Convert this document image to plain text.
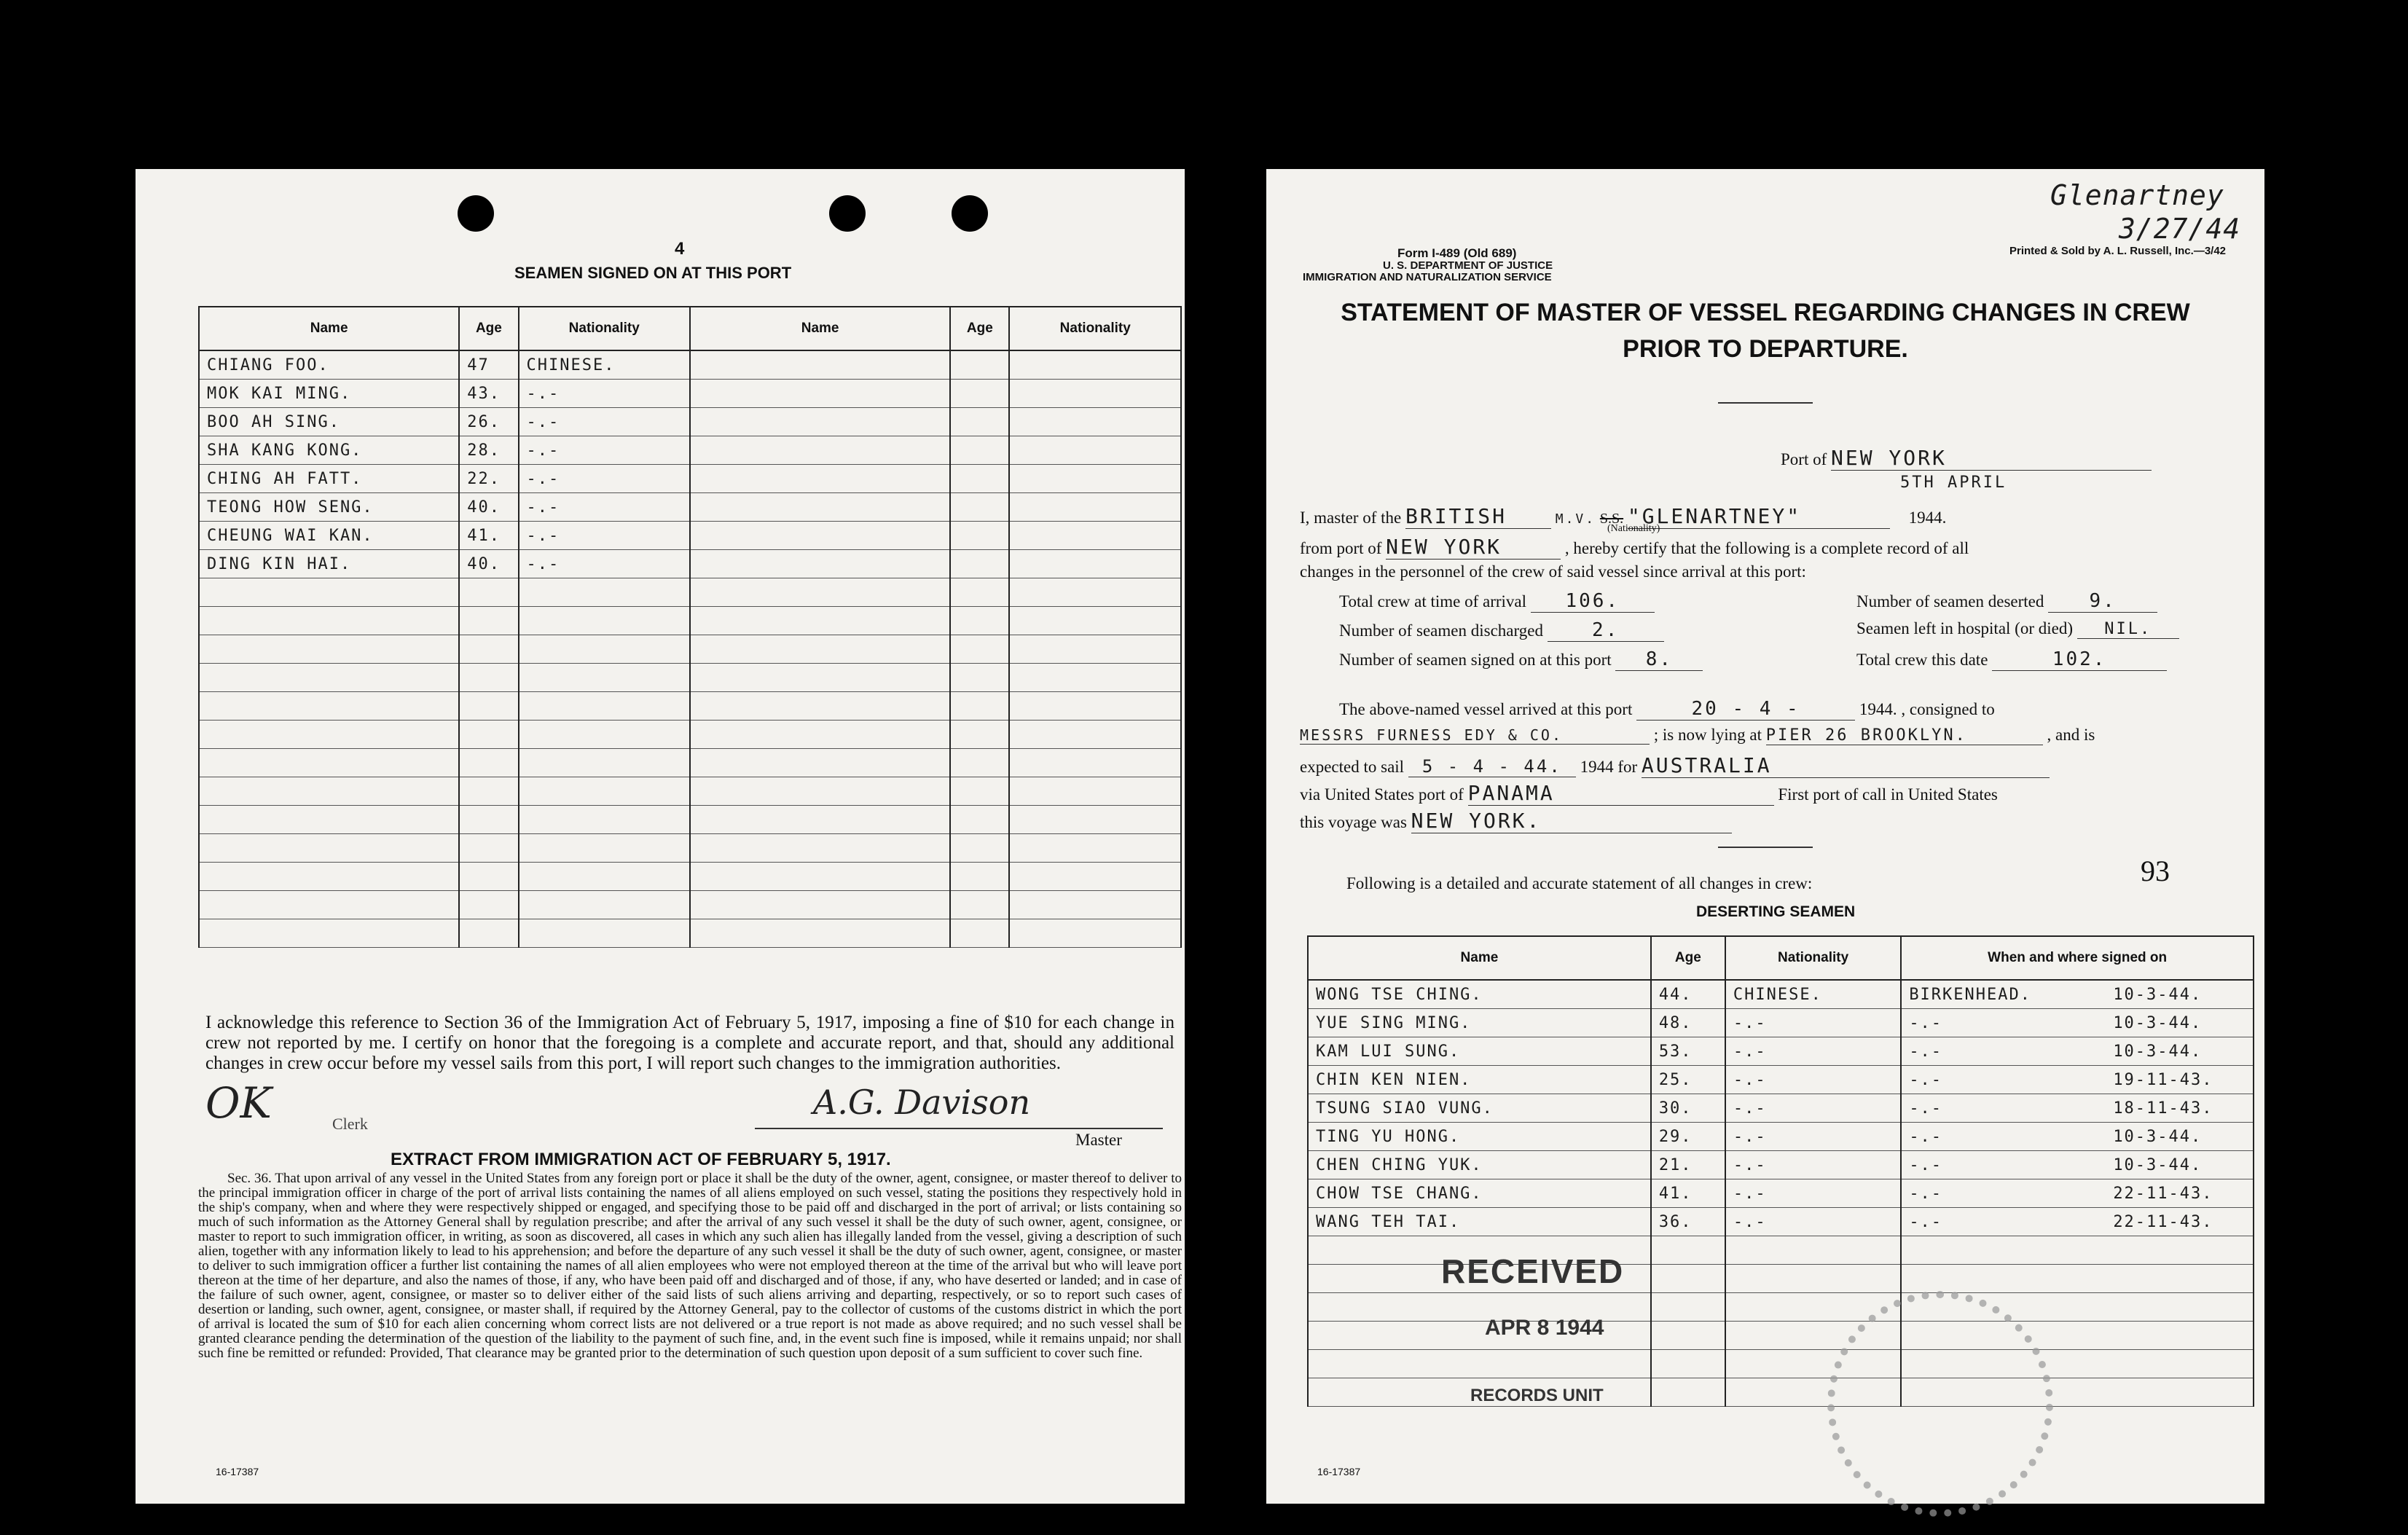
4
SEAMEN SIGNED ON AT THIS PORT
Name	Age	Nationality	Name	Age	Nationality
CHIANG FOO.	47	CHINESE.			
MOK KAI MING.	43.	-.-			
BOO AH SING.	26.	-.-			
SHA KANG KONG.	28.	-.-			
CHING AH FATT.	22.	-.-			
TEONG HOW SENG.	40.	-.-			
CHEUNG WAI KAN.	41.	-.-			
DING KIN HAI.	40.	-.-			

I acknowledge this reference to Section 36 of the Immigration Act of February 5, 1917, imposing a fine of $10 for each change in crew not reported by me. I certify on honor that the foregoing is a complete and accurate report, and that, should any additional changes in crew occur before my vessel sails from this port, I will report such changes to the immigration authorities.
OK	Clerk
A.G. Davison
Master
EXTRACT FROM IMMIGRATION ACT OF FEBRUARY 5, 1917.
Sec. 36. That upon arrival of any vessel in the United States from any foreign port or place it shall be the duty of the owner, agent, consignee, or master thereof to deliver to the principal immigration officer in charge of the port of arrival lists containing the names of all aliens employed on such vessel, stating the positions they respectively hold in the ship's company, when and where they were respectively shipped or engaged, and specifying those to be paid off and discharged in the port of arrival; or lists containing so much of such information as the Attorney General shall by regulation prescribe; and after the arrival of any such vessel it shall be the duty of such owner, agent, consignee, or master to report to such immigration officer, in writing, as soon as discovered, all cases in which any such alien has illegally landed from the vessel, giving a description of such alien, together with any information likely to lead to his apprehension; and before the departure of any such vessel it shall be the duty of such owner, agent, consignee, or master to deliver to such immigration officer a further list containing the names of all alien employees who were not employed thereon at the time of the arrival but who will leave port thereon at the time of her departure, and also the names of those, if any, who have been paid off and discharged and of those, if any, who have deserted or landed; and in case of the failure of such owner, agent, consignee, or master so to deliver either of the said lists of such aliens arriving and departing, respectively, or so to report such cases of desertion or landing, such owner, agent, consignee, or master shall, if required by the Attorney General, pay to the collector of customs of the customs district in which the port of arrival is located the sum of $10 for each alien concerning whom correct lists are not delivered or a true report is not made as above required; and no such vessel shall be granted clearance pending the determination of the question of the liability to the payment of such fine, and, in the event such fine is imposed, while it remains unpaid; nor shall such fine be remitted or refunded: Provided, That clearance may be granted prior to the determination of such question upon deposit of a sum sufficient to cover such fine.
16-17387
Glenartney
3/27/44
Form I-489 (Old 689)
U. S. DEPARTMENT OF JUSTICE
IMMIGRATION AND NATURALIZATION SERVICE
Printed & Sold by A. L. Russell, Inc.—3/42
STATEMENT OF MASTER OF VESSEL REGARDING CHANGES IN CREW
PRIOR TO DEPARTURE.
Port of NEW YORK
5TH APRIL
I, master of the BRITISH	M.V. S.S. "GLENARTNEY"	1944.
(Nationality)
from port of NEW YORK	, hereby certify that the following is a complete record of all
changes in the personnel of the crew of said vessel since arrival at this port:
Total crew at time of arrival 106.	Number of seamen deserted 9.
Number of seamen discharged	2.	Seamen left in hospital (or died) NIL.
Number of seamen signed on at this port 8.	Total crew this date	102.
The above-named vessel arrived at this port	20 - 4 -	1944. , consigned to
MESSRS FURNESS EDY & CO.	; is now lying at PIER 26 BROOKLYN.	, and is
expected to sail 5 - 4 - 44. 1944 for AUSTRALIA
via United States port of PANAMA	First port of call in United States
this voyage was NEW YORK.
93
Following is a detailed and accurate statement of all changes in crew:
DESERTING SEAMEN
Name	Age	Nationality	When and where signed on
WONG TSE CHING.	44.	CHINESE.	BIRKENHEAD. 10-3-44.
YUE SING MING.	48.	-.-	-.- 10-3-44.
KAM LUI SUNG.	53.	-.-	-.- 10-3-44.
CHIN KEN NIEN.	25.	-.-	-.- 19-11-43.
TSUNG SIAO VUNG.	30.	-.-	-.- 18-11-43.
TING YU HONG.	29.	-.-	-.- 10-3-44.
CHEN CHING YUK.	21.	-.-	-.- 10-3-44.
CHOW TSE CHANG.	41.	-.-	-.- 22-11-43.
WANG TEH TAI.	36.	-.-	-.- 22-11-43.

RECEIVED
APR 8 1944
RECORDS UNIT
16-17387
